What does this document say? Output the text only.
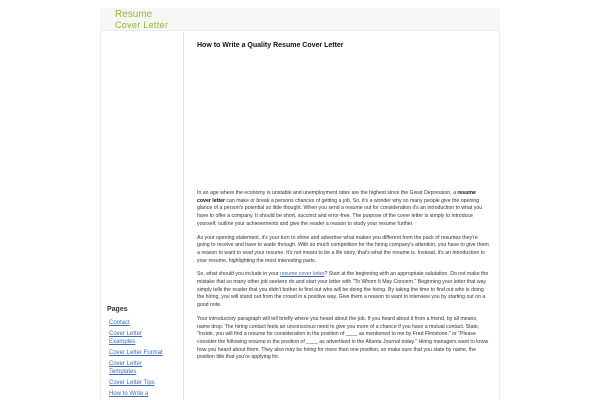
Resume
Cover Letter
Pages
Contact
Cover Letter Examples
Cover Letter Format
Cover Letter Templates
Cover Letter Tips
How to Write a
How to Write a Quality Resume Cover Letter

In an age where the economy is unstable and unemployment rates are the highest since the Great Depression, a resume cover letter can make or break a persons chances of getting a job. So, it's a wonder why so many people give the opening glance of a person's potential so little thought. When you send a resume out for consideration it's an introduction to what you have to offer a company. It should be short, succinct and error-free. The purpose of the cover letter is simply to introduce yourself, outline your achievements and give the reader a reason to study your resume further.

As your opening statement, it's your turn to shine and advertise what makes you different from the pack of resumes they're going to receive and have to wade through. With so much competition for the hiring company's attention, you have to give them a reason to want to read your resume. It's not meant to be a life story, that's what the resume is. Instead, it's an introduction to your resume, highlighting the most interesting parts.

So, what should you include in your resume cover letter? Start at the beginning with an appropriate salutation. Do not make the mistake that so many other job seekers do and start your letter with "To Whom It May Concern." Beginning your letter that way simply tells the reader that you didn't bother to find out who will be doing the hiring. By taking the time to find out who is doing the hiring, you will stand out from the crowd in a positive way. Give them a reason to want to interview you by starting out on a good note.

Your introductory paragraph will tell briefly where you heard about the job. If you heard about it from a friend, by all means, name drop. The hiring contact feels an unconscious need to give you more of a chance if you have a mutual contact. State, "Inside, you will find a resume for consideration in the position of ____ as mentioned to me by Fred Flintstone." or "Please consider the following resume in the position of ____ as advertised in the Atlanta Journal today." Hiring managers want to know how you heard about them. They also may be hiring for more than one position, so make sure that you state by name, the position title that you're applying for.
